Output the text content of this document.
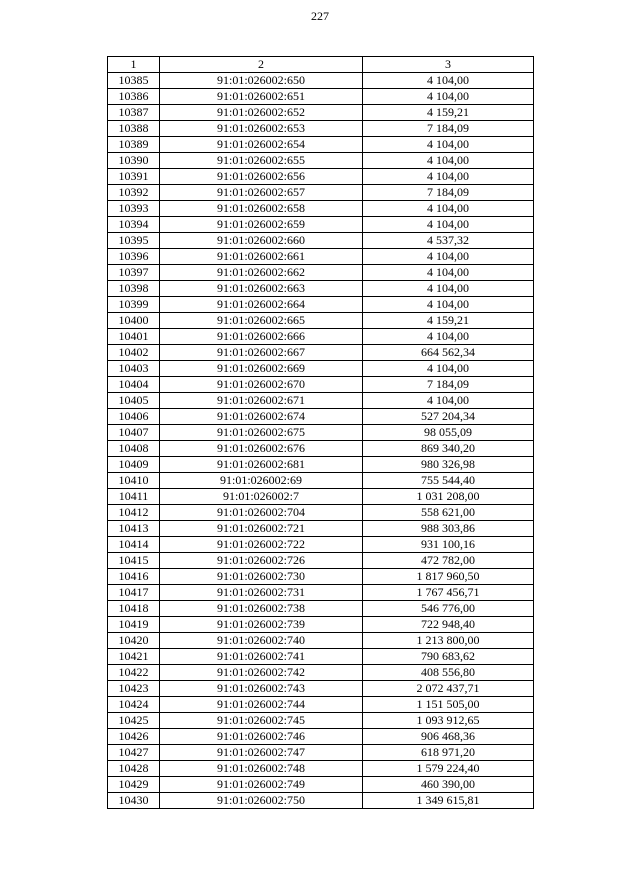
227
1	2	3
10385	91:01:026002:650	4 104,00
10386	91:01:026002:651	4 104,00
10387	91:01:026002:652	4 159,21
10388	91:01:026002:653	7 184,09
10389	91:01:026002:654	4 104,00
10390	91:01:026002:655	4 104,00
10391	91:01:026002:656	4 104,00
10392	91:01:026002:657	7 184,09
10393	91:01:026002:658	4 104,00
10394	91:01:026002:659	4 104,00
10395	91:01:026002:660	4 537,32
10396	91:01:026002:661	4 104,00
10397	91:01:026002:662	4 104,00
10398	91:01:026002:663	4 104,00
10399	91:01:026002:664	4 104,00
10400	91:01:026002:665	4 159,21
10401	91:01:026002:666	4 104,00
10402	91:01:026002:667	664 562,34
10403	91:01:026002:669	4 104,00
10404	91:01:026002:670	7 184,09
10405	91:01:026002:671	4 104,00
10406	91:01:026002:674	527 204,34
10407	91:01:026002:675	98 055,09
10408	91:01:026002:676	869 340,20
10409	91:01:026002:681	980 326,98
10410	91:01:026002:69	755 544,40
10411	91:01:026002:7	1 031 208,00
10412	91:01:026002:704	558 621,00
10413	91:01:026002:721	988 303,86
10414	91:01:026002:722	931 100,16
10415	91:01:026002:726	472 782,00
10416	91:01:026002:730	1 817 960,50
10417	91:01:026002:731	1 767 456,71
10418	91:01:026002:738	546 776,00
10419	91:01:026002:739	722 948,40
10420	91:01:026002:740	1 213 800,00
10421	91:01:026002:741	790 683,62
10422	91:01:026002:742	408 556,80
10423	91:01:026002:743	2 072 437,71
10424	91:01:026002:744	1 151 505,00
10425	91:01:026002:745	1 093 912,65
10426	91:01:026002:746	906 468,36
10427	91:01:026002:747	618 971,20
10428	91:01:026002:748	1 579 224,40
10429	91:01:026002:749	460 390,00
10430	91:01:026002:750	1 349 615,81
